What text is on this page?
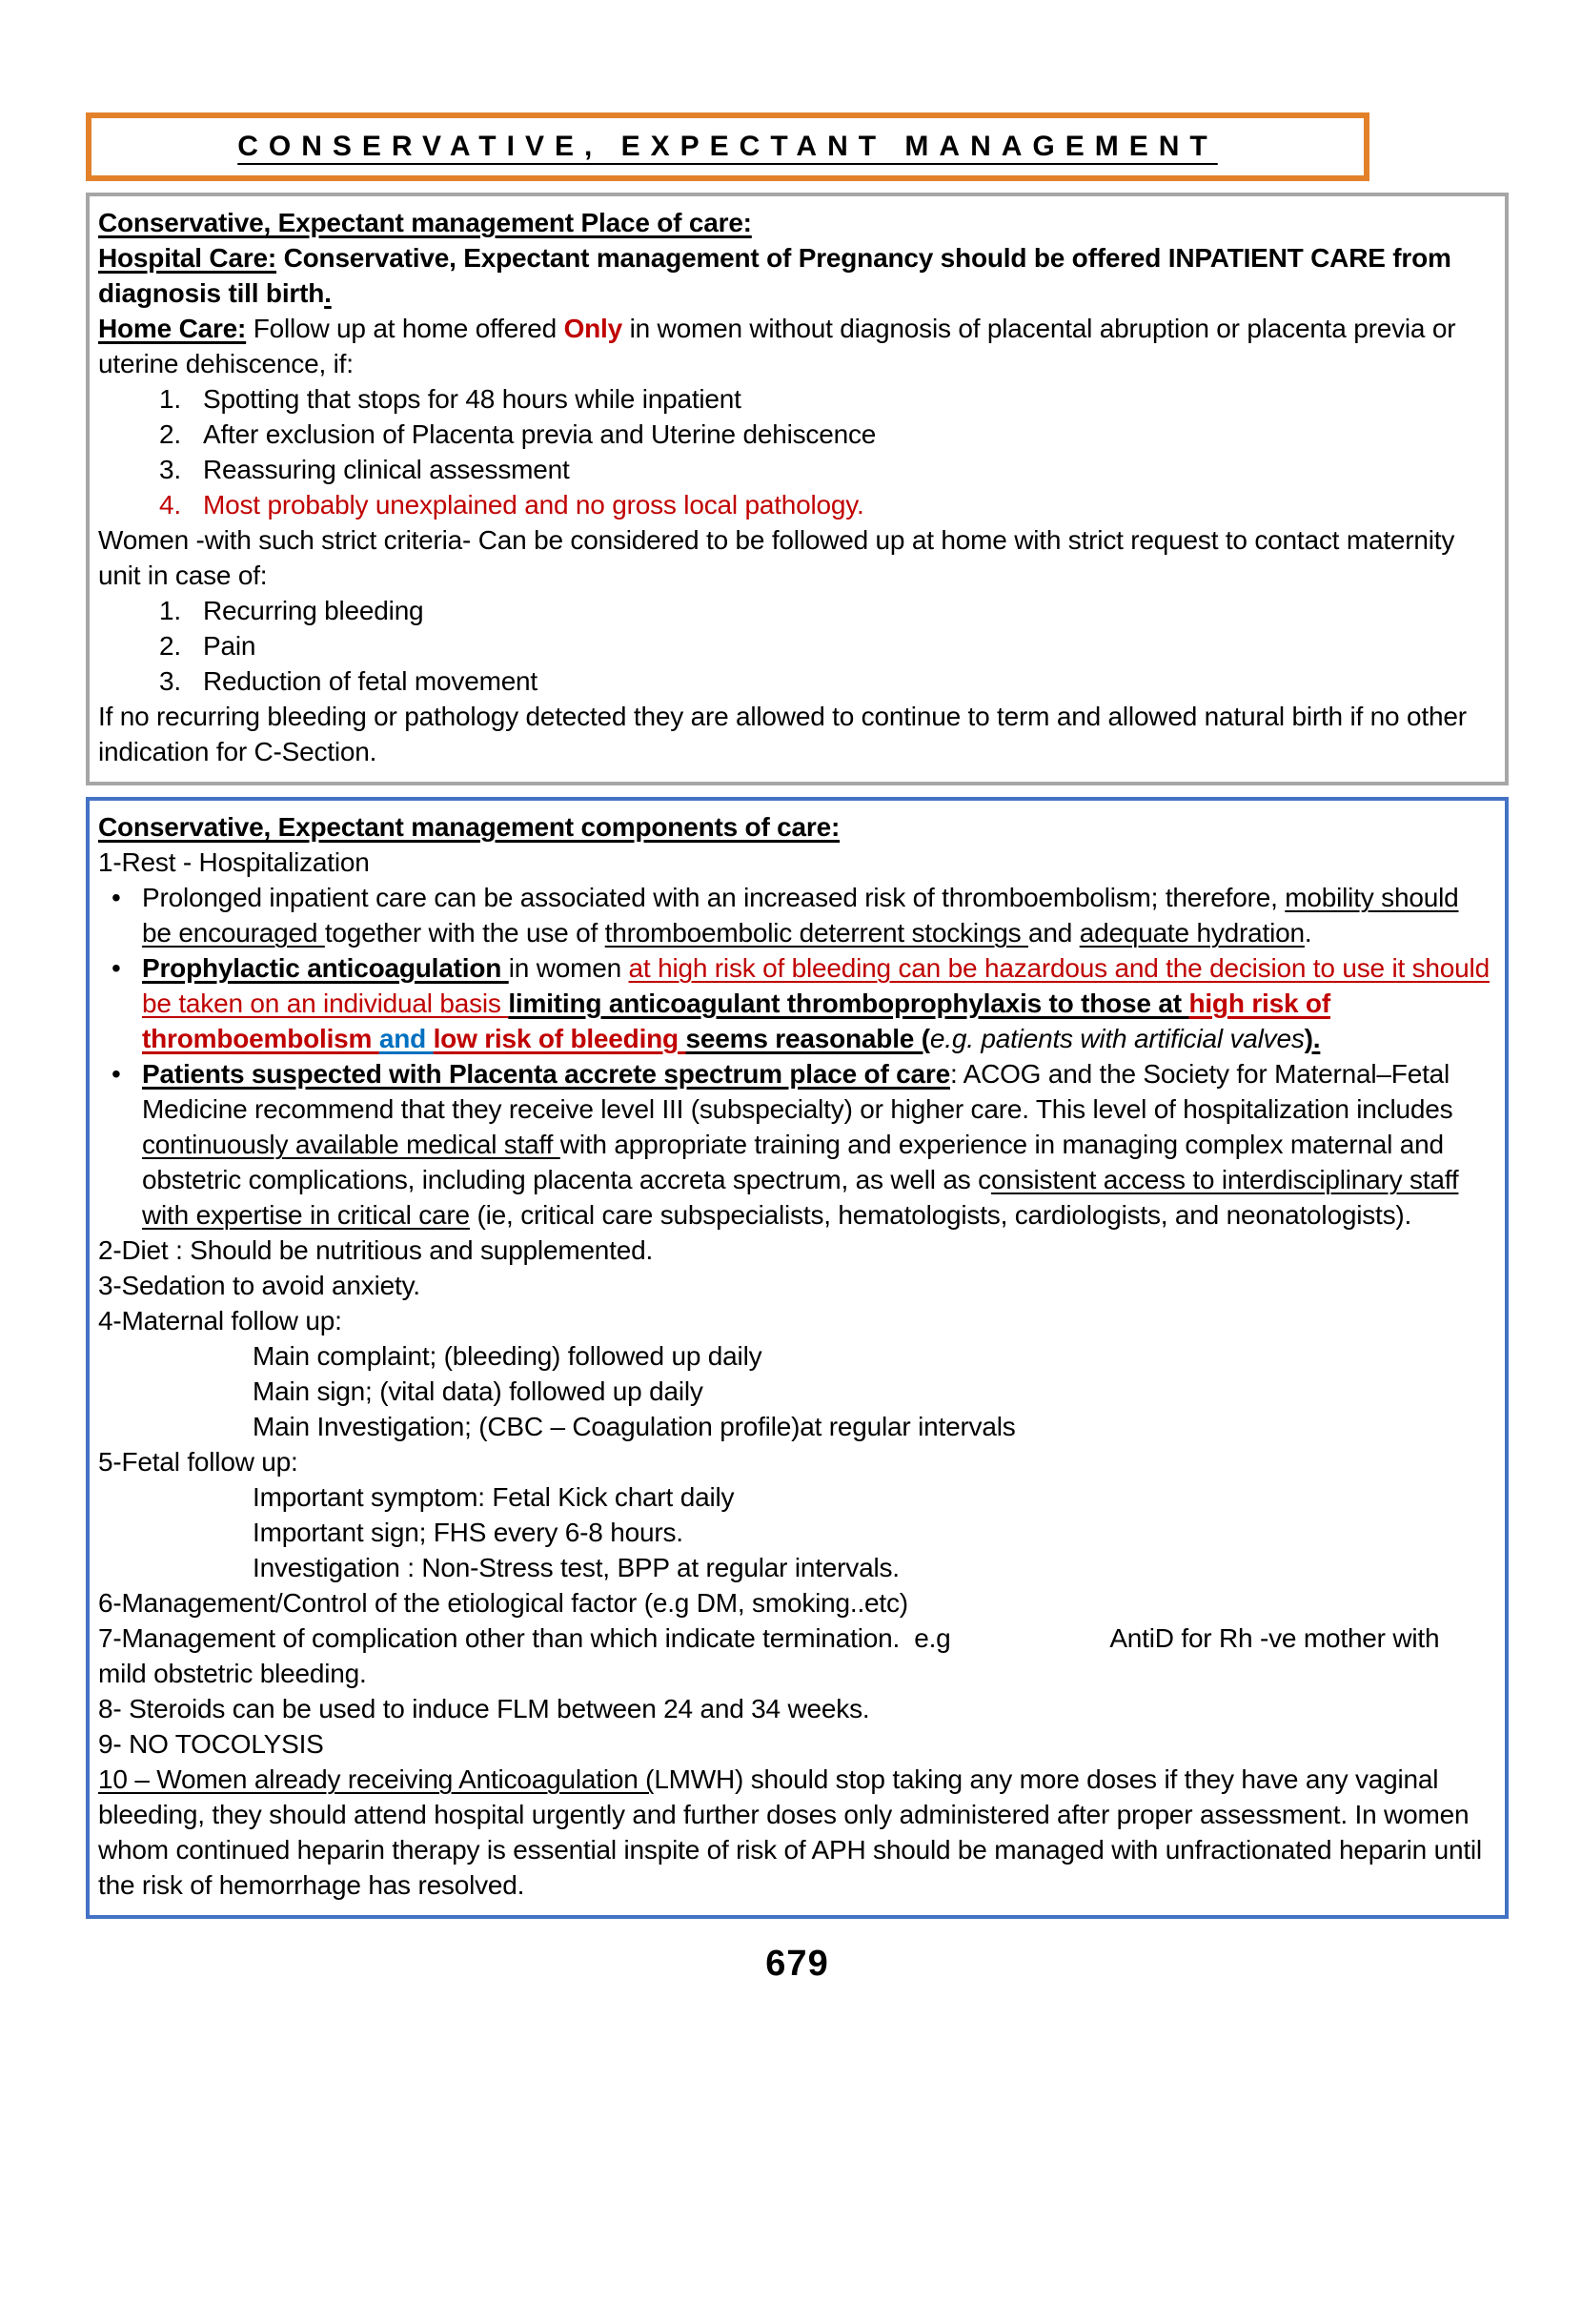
CONSERVATIVE, EXPECTANT MANAGEMENT
Conservative, Expectant management Place of care:
Hospital Care: Conservative, Expectant management of Pregnancy should be offered INPATIENT CARE from diagnosis till birth.
Home Care: Follow up at home offered Only in women without diagnosis of placental abruption or placenta previa or uterine dehiscence, if:
1. Spotting that stops for 48 hours while inpatient
2. After exclusion of Placenta previa and Uterine dehiscence
3. Reassuring clinical assessment
4. Most probably unexplained and no gross local pathology.
Women -with such strict criteria- Can be considered to be followed up at home with strict request to contact maternity unit in case of:
1. Recurring bleeding
2. Pain
3. Reduction of fetal movement
If no recurring bleeding or pathology detected they are allowed to continue to term and allowed natural birth if no other indication for C-Section.
Conservative, Expectant management components of care:
1-Rest - Hospitalization
• Prolonged inpatient care can be associated with an increased risk of thromboembolism; therefore, mobility should be encouraged together with the use of thromboembolic deterrent stockings and adequate hydration.
• Prophylactic anticoagulation in women at high risk of bleeding can be hazardous and the decision to use it should be taken on an individual basis limiting anticoagulant thromboprophylaxis to those at high risk of thromboembolism and low risk of bleeding seems reasonable (e.g. patients with artificial valves).
• Patients suspected with Placenta accrete spectrum place of care: ACOG and the Society for Maternal–Fetal Medicine recommend that they receive level III (subspecialty) or higher care. This level of hospitalization includes continuously available medical staff with appropriate training and experience in managing complex maternal and obstetric complications, including placenta accreta spectrum, as well as consistent access to interdisciplinary staff with expertise in critical care (ie, critical care subspecialists, hematologists, cardiologists, and neonatologists).
2-Diet : Should be nutritious and supplemented.
3-Sedation to avoid anxiety.
4-Maternal follow up:
Main complaint; (bleeding) followed up daily
Main sign; (vital data) followed up daily
Main Investigation; (CBC – Coagulation profile)at regular intervals
5-Fetal follow up:
Important symptom: Fetal Kick chart daily
Important sign; FHS every 6-8 hours.
Investigation : Non-Stress test, BPP at regular intervals.
6-Management/Control of the etiological factor (e.g DM, smoking..etc)
7-Management of complication other than which indicate termination.  e.g	AntiD for Rh -ve mother with mild obstetric bleeding.
8- Steroids can be used to induce FLM between 24 and 34 weeks.
9- NO TOCOLYSIS
10 – Women already receiving Anticoagulation (LMWH) should stop taking any more doses if they have any vaginal bleeding, they should attend hospital urgently and further doses only administered after proper assessment. In women whom continued heparin therapy is essential inspite of risk of APH should be managed with unfractionated heparin until the risk of hemorrhage has resolved.
679
